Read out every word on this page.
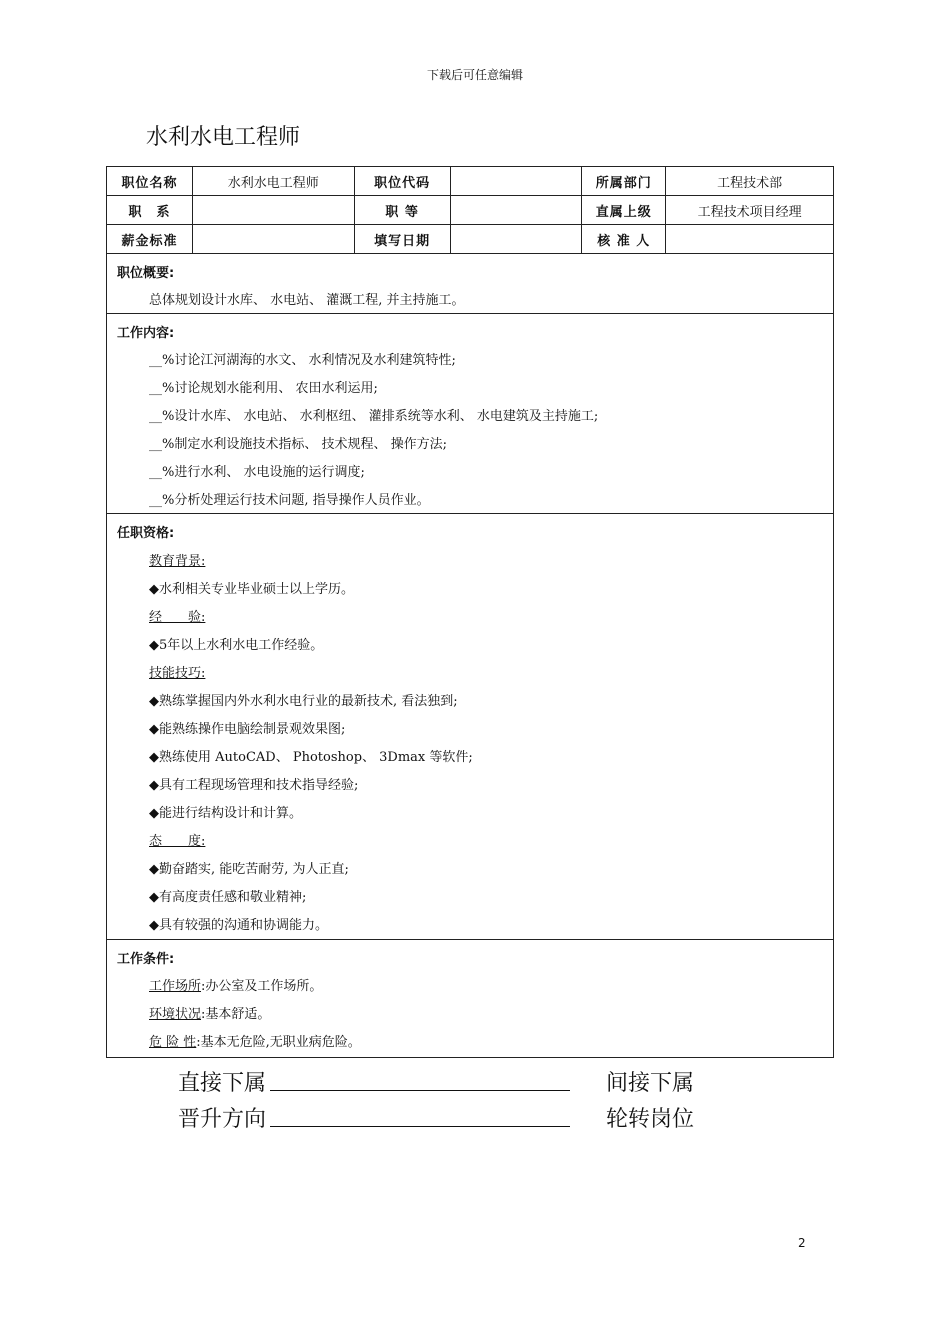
下载后可任意编辑
水利水电工程师
职位名称	水利水电工程师	职位代码		所属部门	工程技术部
职　系		职 等		直属上级	工程技术项目经理
薪金标准		填写日期		核 准 人	
职位概要:
总体规划设计水库、 水电站、 灌溉工程, 并主持施工。
工作内容:
__%讨论江河湖海的水文、 水利情况及水利建筑特性;
__%讨论规划水能利用、 农田水利运用;
__%设计水库、 水电站、 水利枢纽、 灌排系统等水利、 水电建筑及主持施工;
__%制定水利设施技术指标、 技术规程、 操作方法;
__%进行水利、 水电设施的运行调度;
__%分析处理运行技术问题, 指导操作人员作业。
任职资格:
教育背景:
◆水利相关专业毕业硕士以上学历。
经　　验:
◆5年以上水利水电工作经验。
技能技巧:
◆熟练掌握国内外水利水电行业的最新技术, 看法独到;
◆能熟练操作电脑绘制景观效果图;
◆熟练使用 AutoCAD、 Photoshop、 3Dmax 等软件;
◆具有工程现场管理和技术指导经验;
◆能进行结构设计和计算。
态　　度:
◆勤奋踏实, 能吃苦耐劳, 为人正直;
◆有高度责任感和敬业精神;
◆具有较强的沟通和协调能力。
工作条件:
工作场所:办公室及工作场所。
环境状况:基本舒适。
危 险 性:基本无危险,无职业病危险。
直接下属	间接下属
晋升方向	轮转岗位
2
